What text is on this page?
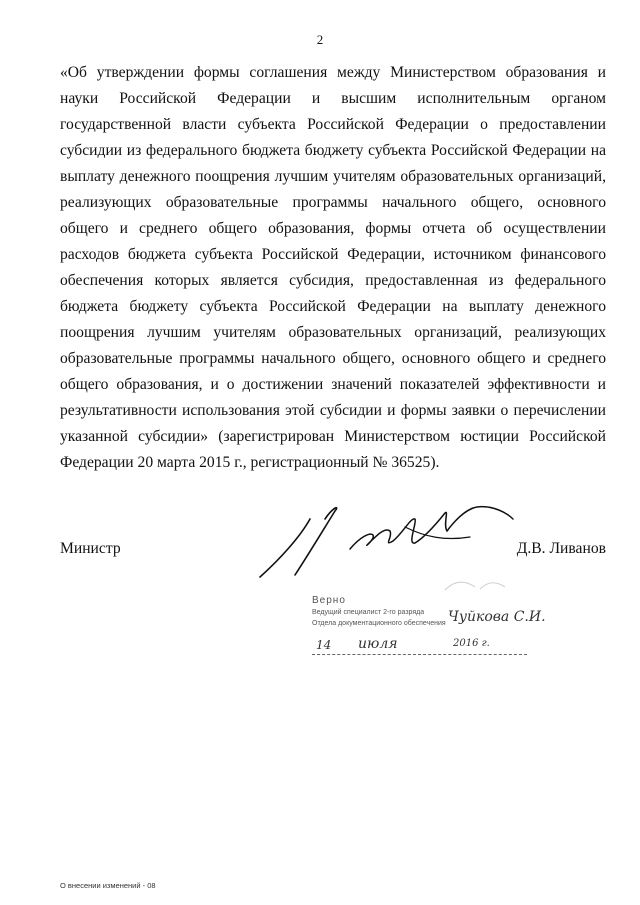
2

«Об утверждении формы соглашения между Министерством образования и науки Российской Федерации и высшим исполнительным органом государственной власти субъекта Российской Федерации о предоставлении субсидии из федерального бюджета бюджету субъекта Российской Федерации на выплату денежного поощрения лучшим учителям образовательных организаций, реализующих образовательные программы начального общего, основного общего и среднего общего образования, формы отчета об осуществлении расходов бюджета субъекта Российской Федерации, источником финансового обеспечения которых является субсидия, предоставленная из федерального бюджета бюджету субъекта Российской Федерации на выплату денежного поощрения лучшим учителям образовательных организаций, реализующих образовательные программы начального общего, основного общего и среднего общего образования, и о достижении значений показателей эффективности и результативности использования этой субсидии и формы заявки о перечислении указанной субсидии» (зарегистрирован Министерством юстиции Российской Федерации 20 марта 2015 г., регистрационный № 36525).

Министр	Д.В. Ливанов
Верно
Ведущий специалист 2-го разряда
Отдела документационного обеспечения Чуйкова С.И.
14 июля	2016 г.
О внесении изменений - 08
